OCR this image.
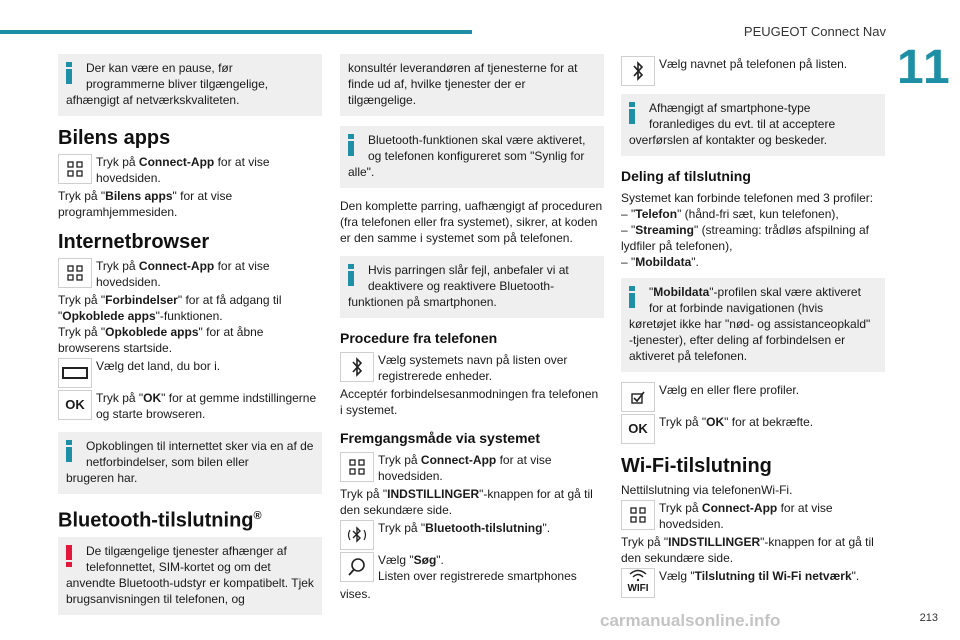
PEUGEOT Connect Nav
11
Der kan være en pause, før programmerne bliver tilgængelige,
afhængigt af netværkskvaliteten.
Bilens apps
Tryk på Connect-App for at vise hovedsiden.

Tryk på "Bilens apps" for at vise programhjemmesiden.

Internetbrowser
Tryk på Connect-App for at vise hovedsiden.

Tryk på "Forbindelser" for at få adgang til

"Opkoblede apps"-funktionen.

Tryk på "Opkoblede apps" for at åbne browserens startside.

Vælg det land, du bor i.
OK Tryk på "OK" for at gemme indstillingerne og starte browseren.
Opkoblingen til internettet sker via en af de netforbindelser, som bilen eller
brugeren har.
Bluetooth-tilslutning®
De tilgængelige tjenester afhænger af telefonnettet, SIM-kortet og om det
anvendte Bluetooth-udstyr er kompatibelt. Tjek brugsanvisningen til telefonen, og
konsultér leverandøren af tjenesterne for at finde ud af, hvilke tjenester der er tilgængelige.
Bluetooth-funktionen skal være aktiveret, og telefonen konfigureret som "Synlig for
alle".

Den komplette parring, uafhængigt af proceduren (fra telefonen eller fra systemet), sikrer, at koden er den samme i systemet som på telefonen.

Hvis parringen slår fejl, anbefaler vi at deaktivere og reaktivere Bluetooth-
funktionen på smartphonen.
Procedure fra telefonen
Vælg systemets navn på listen over registrerede enheder.

Acceptér forbindelsesanmodningen fra telefonen i systemet.

Fremgangsmåde via systemet
Tryk på Connect-App for at vise hovedsiden.

Tryk på "INDSTILLINGER"-knappen for at gå til den sekundære side.

Tryk på "Bluetooth-tilslutning".
Vælg "Søg".
Listen over registrerede smartphones

vises.

Vælg navnet på telefonen på listen.
Afhængigt af smartphone-type foranlediges du evt. til at acceptere
overførslen af kontakter og beskeder.
Deling af tilslutning

Systemet kan forbinde telefonen med 3 profiler:

– "Telefon" (hånd-fri sæt, kun telefonen),

– "Streaming" (streaming: trådløs afspilning af lydfiler på telefonen),

– "Mobildata".

"Mobildata"-profilen skal være aktiveret for at forbinde navigationen (hvis
køretøjet ikke har "nød- og assistanceopkald" -tjenester), efter deling af forbindelsen er aktiveret på telefonen.
Vælg en eller flere profiler.
OK Tryk på "OK" for at bekræfte.
Wi-Fi-tilslutning

Nettilslutning via telefonenWi-Fi.

Tryk på Connect-App for at vise hovedsiden.

Tryk på "INDSTILLINGER"-knappen for at gå til den sekundære side.

WIFI
Vælg "Tilslutning til Wi-Fi netværk".
carmanualsonline.info	213
